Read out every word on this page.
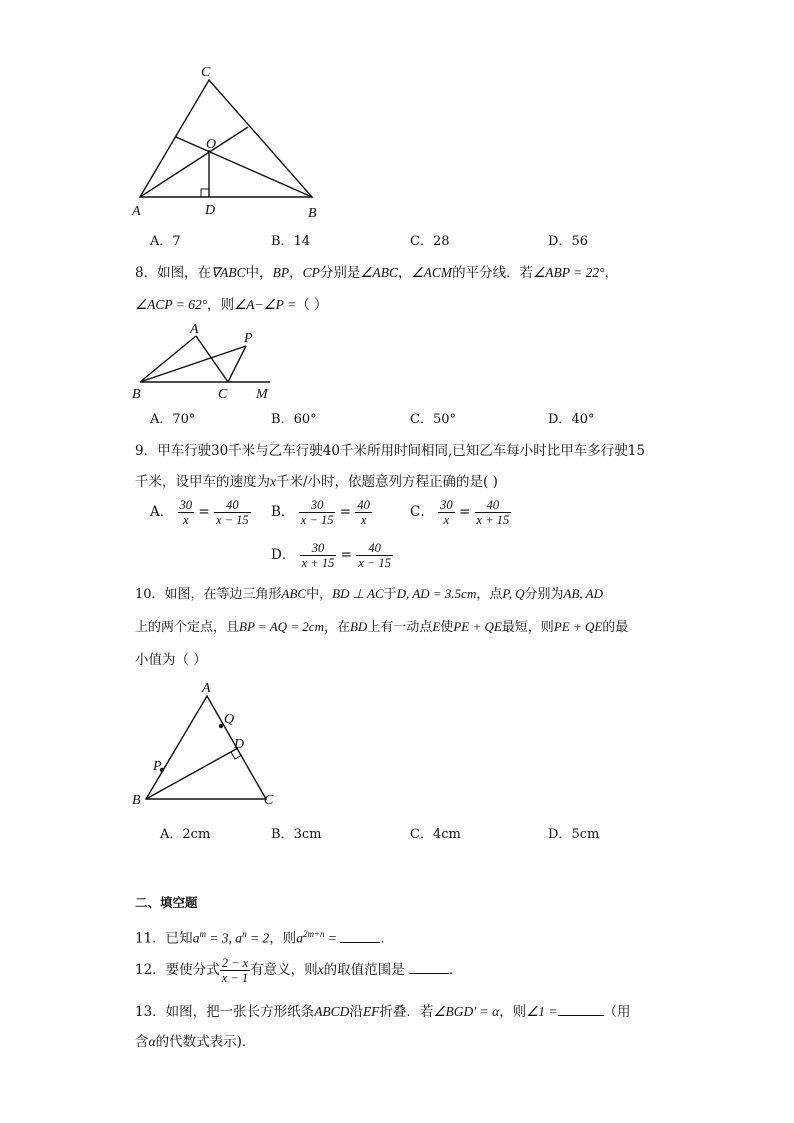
C
O
A	D	B
A．7	B．14	C．28	D．56
8．如图，在∇ABC中，BP，CP分别是∠ABC，∠ACM的平分线．若∠ABP = 22°，
∠ACP = 62°，则∠A−∠P =（ ）
A
P
B	C M
A．70°	B．60°	C．50°	D．40°
9．甲车行驶30千米与乙车行驶40千米所用时间相同,已知乙车每小时比甲车多行驶15
千米，设甲车的速度为x千米/小时，依题意列方程正确的是( )
A． $\frac{30}{x} = \frac{40}{x - 15}$ B． $\frac{30}{x - 15} = \frac{40}{x}$	C． $\frac{30}{x} = \frac{40}{x + 15}$
D． $\frac{30}{x + 15} = \frac{40}{x - 15}$
10．如图，在等边三角形ABC中，BD ⊥ AC于D, AD = 3.5cm，点P, Q分别为AB, AD
上的两个定点，且BP = AQ = 2cm，在BD上有一动点E使PE + QE最短，则PE + QE的最
小值为（ ）
A
Q
D
P
B	C
A．2cm	B．3cm	C．4cm	D．5cm
二、填空题
11．已知$a^m = 3$, $a^n = 2$，则$a^{2m+n}$ =	．
12．要使分式 $\frac{2 - x}{x - 1}$ 有意义，则x的取值范围是	．
13．如图，把一张长方形纸条ABCD沿EF折叠．若∠BGD′ = α，则∠1 =	（用
含α的代数式表示)．
